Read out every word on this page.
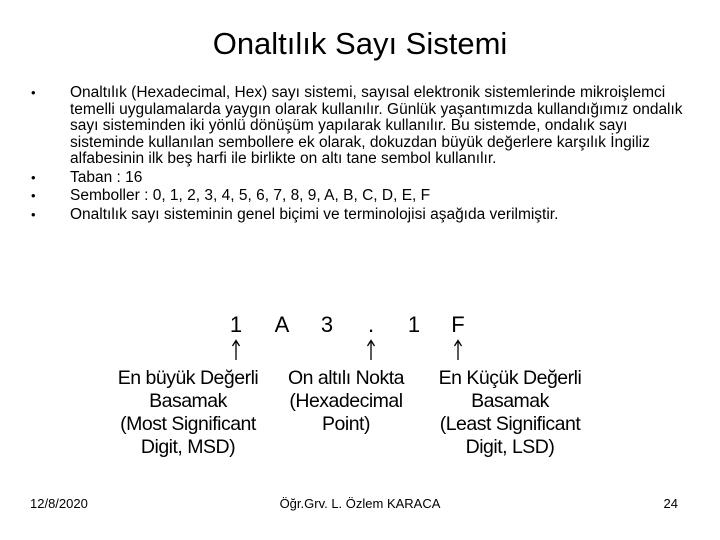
Onaltılık Sayı Sistemi
• Onaltılık (Hexadecimal, Hex) sayı sistemi, sayısal elektronik sistemlerinde mikroişlemci temelli uygulamalarda yaygın olarak kullanılır. Günlük yaşantımızda kullandığımız ondalık sayı sisteminden iki yönlü dönüşüm yapılarak kullanılır. Bu sistemde, ondalık sayı sisteminde kullanılan sembollere ek olarak, dokuzdan büyük değerlere karşılık İngiliz alfabesinin ilk beş harfi ile birlikte on altı tane sembol kullanılır.
• Taban : 16
• Semboller : 0, 1, 2, 3, 4, 5, 6, 7, 8, 9, A, B, C, D, E, F
• Onaltılık sayı sisteminin genel biçimi ve terminolojisi aşağıda verilmiştir.
1	A	3	.	1	F
En büyük Değerli
Basamak
(Most Significant
Digit, MSD)
On altılı Nokta
(Hexadecimal
Point)
En Küçük Değerli
Basamak
(Least Significant
Digit, LSD)
12/8/2020	Öğr.Grv. L. Özlem KARACA	24
